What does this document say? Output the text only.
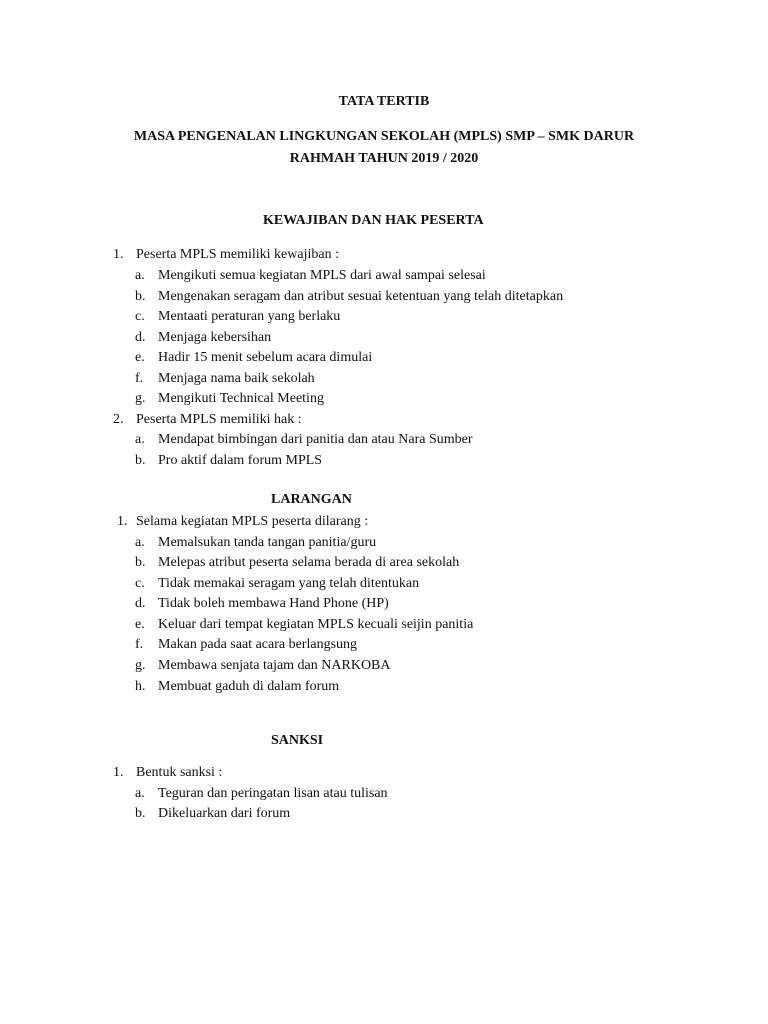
TATA TERTIB
MASA PENGENALAN LINGKUNGAN SEKOLAH (MPLS) SMP – SMK DARUR
RAHMAH TAHUN 2019 / 2020
KEWAJIBAN DAN HAK PESERTA
1. Peserta MPLS memiliki kewajiban :
a. Mengikuti semua kegiatan MPLS dari awal sampai selesai
b. Mengenakan seragam dan atribut sesuai ketentuan yang telah ditetapkan
c. Mentaati peraturan yang berlaku
d. Menjaga kebersihan
e. Hadir 15 menit sebelum acara dimulai
f. Menjaga nama baik sekolah
g. Mengikuti Technical Meeting
2. Peserta MPLS memiliki hak :
a. Mendapat bimbingan dari panitia dan atau Nara Sumber
b. Pro aktif dalam forum MPLS
LARANGAN
1. Selama kegiatan MPLS peserta dilarang :
a. Memalsukan tanda tangan panitia/guru
b. Melepas atribut peserta selama berada di area sekolah
c. Tidak memakai seragam yang telah ditentukan
d. Tidak boleh membawa Hand Phone (HP)
e. Keluar dari tempat kegiatan MPLS kecuali seijin panitia
f. Makan pada saat acara berlangsung
g. Membawa senjata tajam dan NARKOBA
h. Membuat gaduh di dalam forum
SANKSI
1. Bentuk sanksi :
a. Teguran dan peringatan lisan atau tulisan
b. Dikeluarkan dari forum
